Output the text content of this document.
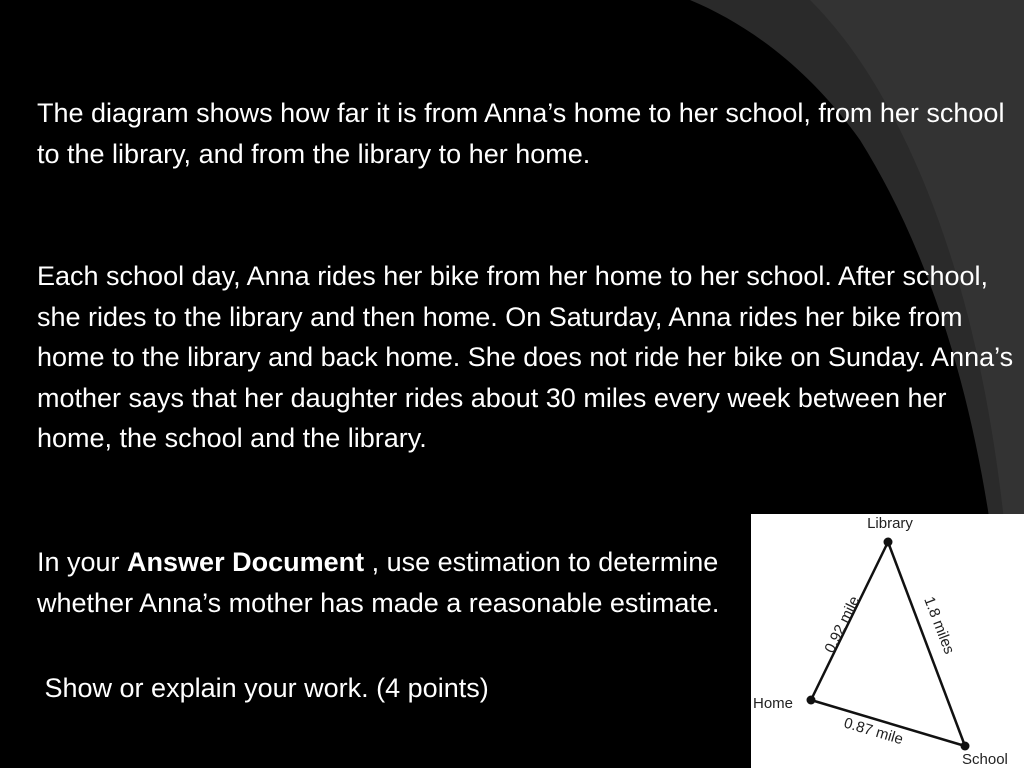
The diagram shows how far it is from Anna’s home to her school, from her school to the library, and from the library to her home.
Each school day, Anna rides her bike from her home to her school. After school, she rides to the library and then home. On Saturday, Anna rides her bike from home to the library and back home. She does not ride her bike on Sunday. Anna’s mother says that her daughter rides about 30 miles every week between her home, the school and the library.
In your Answer Document , use estimation to determine whether Anna’s mother has made a reasonable estimate.
Show or explain your work. (4 points)
Library
Home
School
0.92 mile	1.8 miles
0.87 mile
